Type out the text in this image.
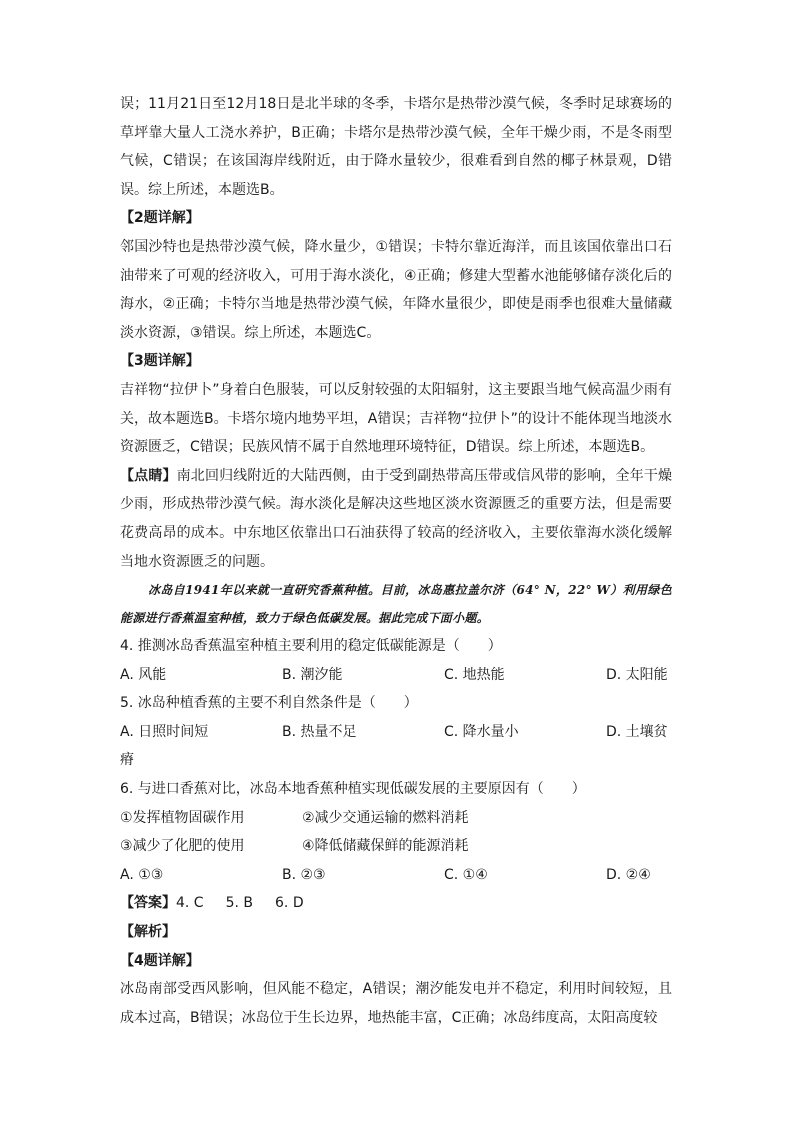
误；11月21日至12月18日是北半球的冬季，卡塔尔是热带沙漠气候，冬季时足球赛场的草坪靠大量人工浇水养护，B正确；卡塔尔是热带沙漠气候，全年干燥少雨，不是冬雨型气候，C错误；在该国海岸线附近，由于降水量较少，很难看到自然的椰子林景观，D错误。综上所述，本题选B。

【2题详解】

邻国沙特也是热带沙漠气候，降水量少，①错误；卡特尔靠近海洋，而且该国依靠出口石油带来了可观的经济收入，可用于海水淡化，④正确；修建大型蓄水池能够储存淡化后的海水，②正确；卡特尔当地是热带沙漠气候，年降水量很少，即使是雨季也很难大量储藏淡水资源，③错误。综上所述，本题选C。

【3题详解】

吉祥物“拉伊卜”身着白色服装，可以反射较强的太阳辐射，这主要跟当地气候高温少雨有关，故本题选B。卡塔尔境内地势平坦，A错误；吉祥物“拉伊卜”的设计不能体现当地淡水资源匮乏，C错误；民族风情不属于自然地理环境特征，D错误。综上所述，本题选B。

【点睛】南北回归线附近的大陆西侧，由于受到副热带高压带或信风带的影响，全年干燥少雨，形成热带沙漠气候。海水淡化是解决这些地区淡水资源匮乏的重要方法，但是需要花费高昂的成本。中东地区依靠出口石油获得了较高的经济收入，主要依靠海水淡化缓解当地水资源匮乏的问题。

冰岛自1941年以来就一直研究香蕉种植。目前，冰岛惠拉盖尔济（64° N，22° W）利用绿色能源进行香蕉温室种植，致力于绿色低碳发展。据此完成下面小题。

4. 推测冰岛香蕉温室种植主要利用的稳定低碳能源是（　　）

A. 风能	B. 潮汐能	C. 地热能	D. 太阳能

5. 冰岛种植香蕉的主要不利自然条件是（　　）

A. 日照时间短	B. 热量不足	C. 降水量小	D. 土壤贫

瘠

6. 与进口香蕉对比，冰岛本地香蕉种植实现低碳发展的主要原因有（　　）

①发挥植物固碳作用	②减少交通运输的燃料消耗
③减少了化肥的使用	④降低储藏保鲜的能源消耗
A. ①③	B. ②③	C. ①④	D. ②④

【答案】4. C 5. B 6. D

【解析】

【4题详解】

冰岛南部受西风影响，但风能不稳定，A错误；潮汐能发电并不稳定，利用时间较短，且成本过高，B错误；冰岛位于生长边界，地热能丰富，C正确；冰岛纬度高，太阳高度较
